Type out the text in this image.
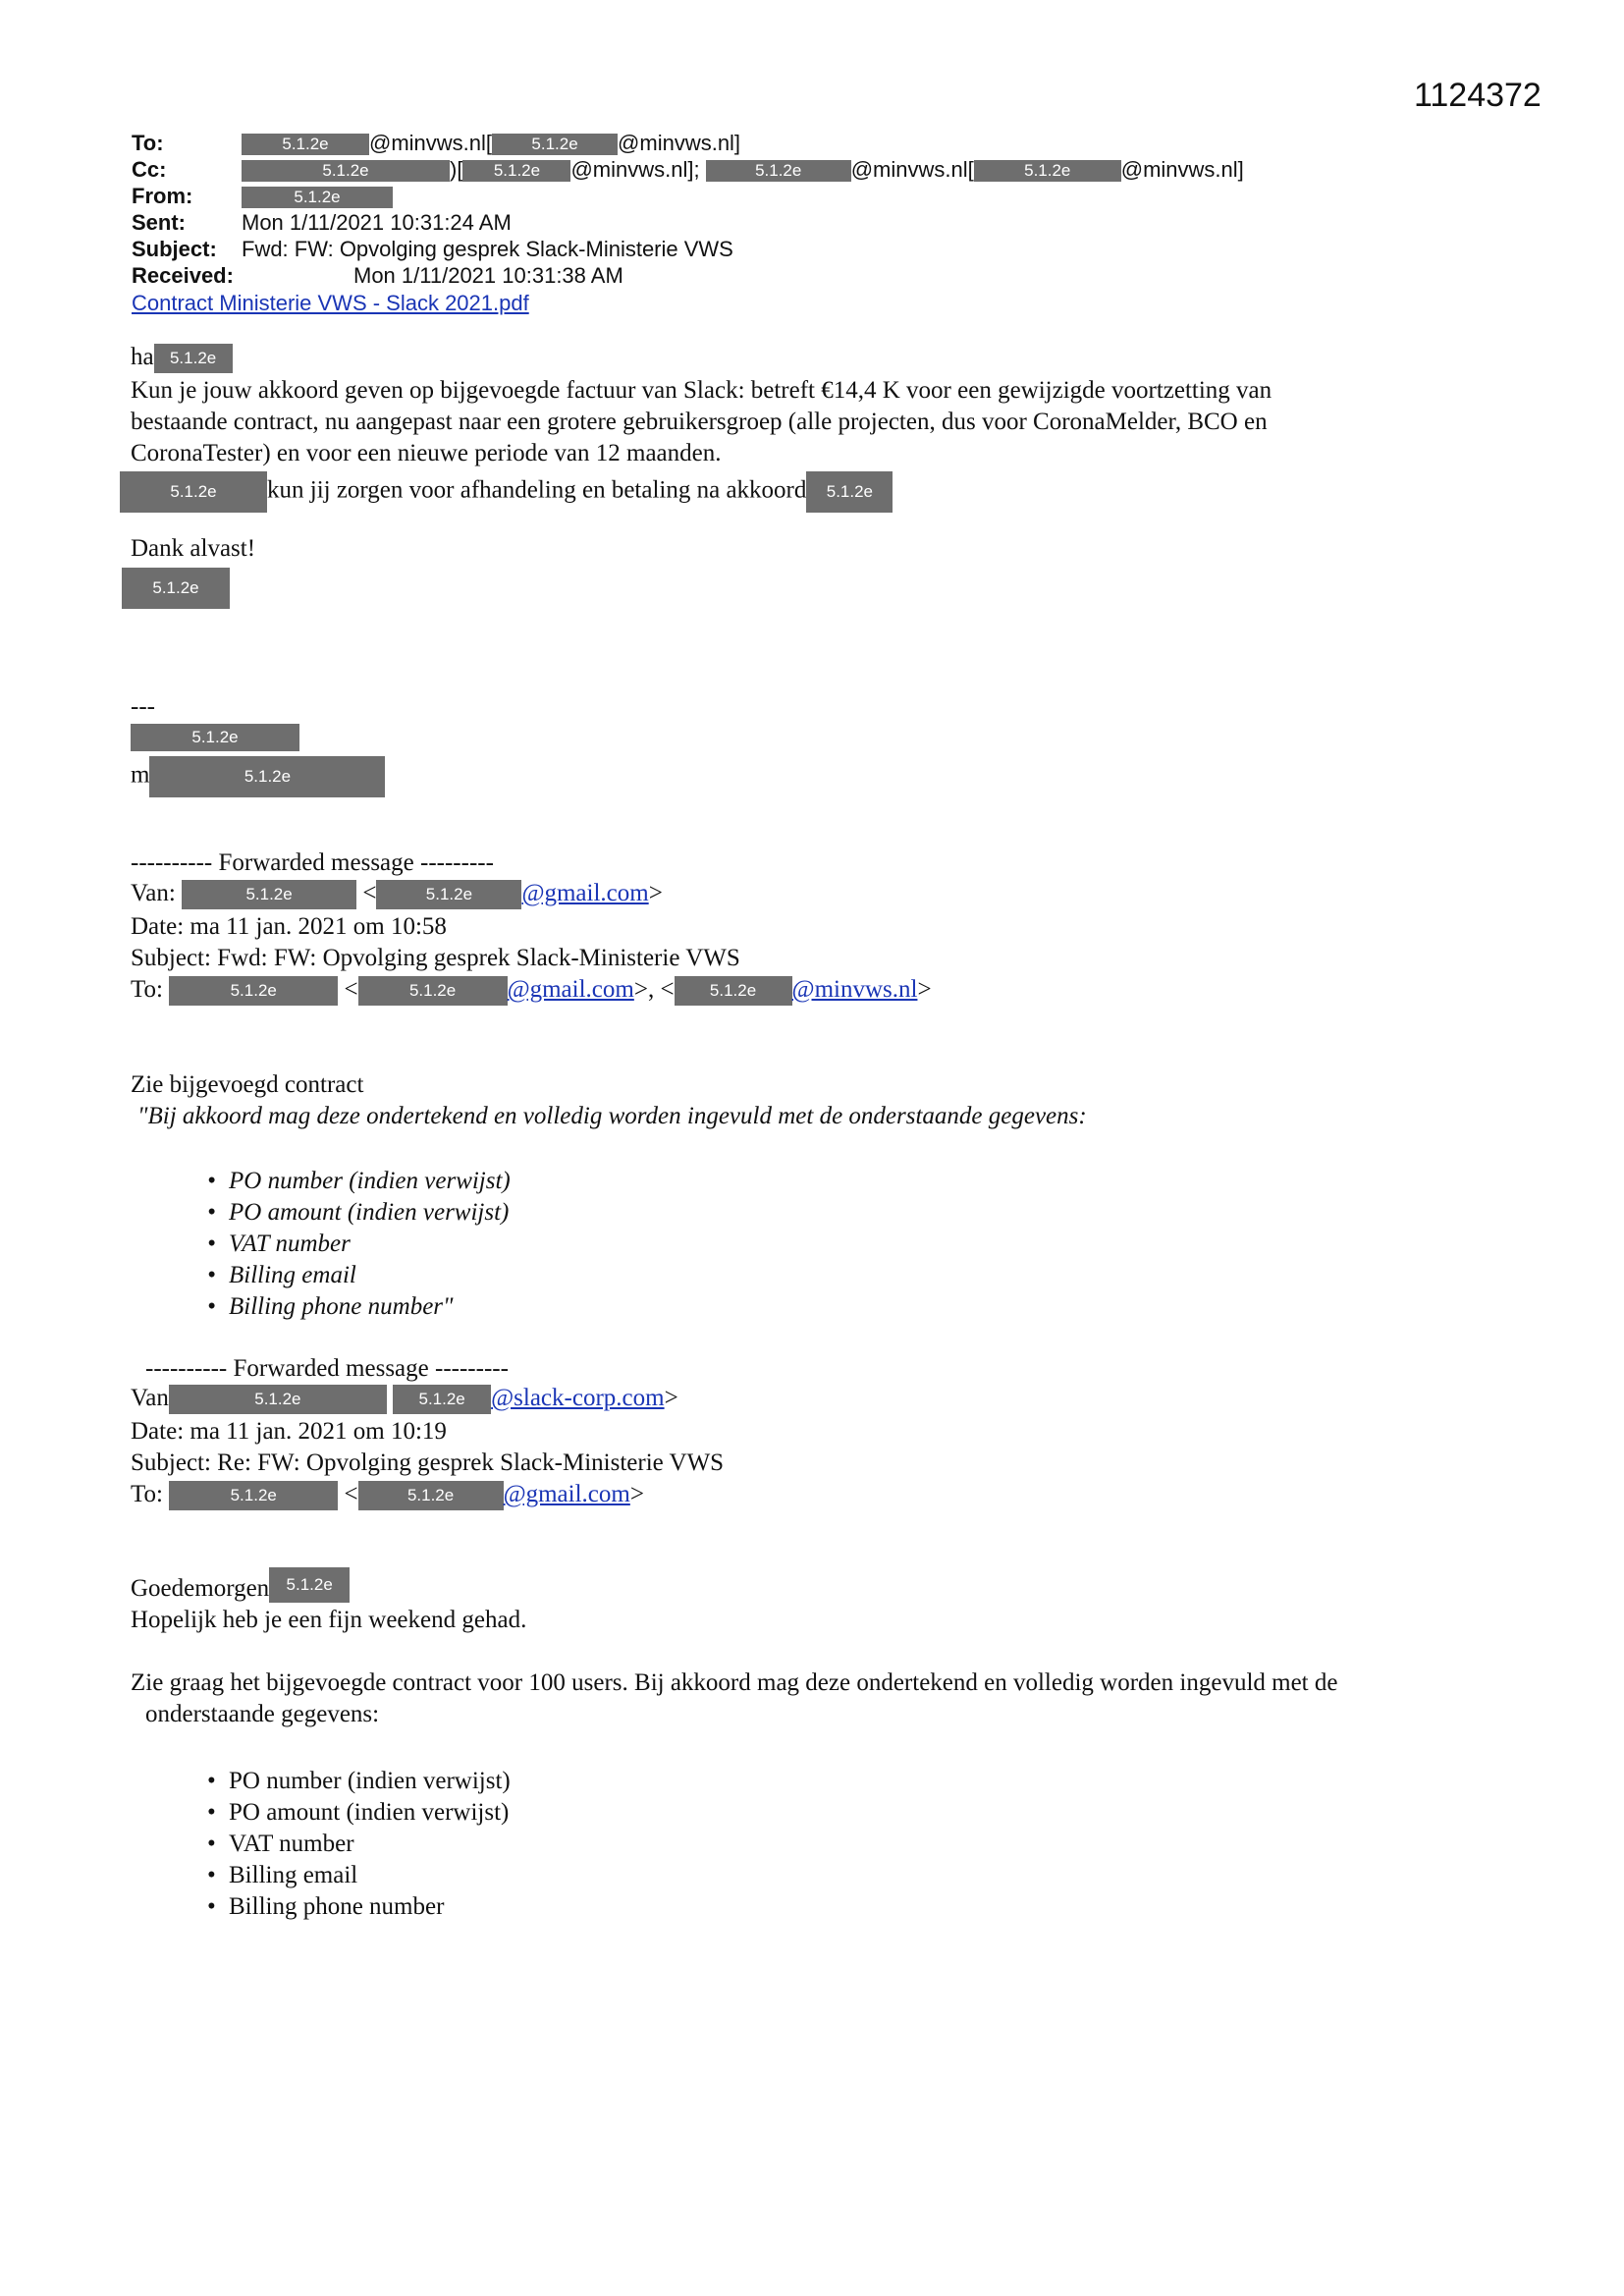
1124372
To:	5.1.2e @minvws.nl[ 5.1.2e @minvws.nl]
Cc:	5.1.2e	)[ 5.1.2e @minvws.nl];	5.1.2e @minvws.nl[	5.1.2e @minvws.nl]
From:	5.1.2e
Sent:	Mon 1/11/2021 10:31:24 AM
Subject: Fwd: FW: Opvolging gesprek Slack-Ministerie VWS
Received:	Mon 1/11/2021 10:31:38 AM
Contract Ministerie VWS - Slack 2021.pdf
ha 5.1.2e
Kun je jouw akkoord geven op bijgevoegde factuur van Slack: betreft €14,4 K voor een gewijzigde voortzetting van
bestaande contract, nu aangepast naar een grotere gebruikersgroep (alle projecten, dus voor CoronaMelder, BCO en
CoronaTester) en voor een nieuwe periode van 12 maanden.
5.1.2e kun jij zorgen voor afhandeling en betaling na akkoord 5.1.2e
Dank alvast!
5.1.2e
---
5.1.2e
m	5.1.2e
---------- Forwarded message ---------
Van:	5.1.2e	<	5.1.2e @gmail.com>
Date: ma 11 jan. 2021 om 10:58
Subject: Fwd: FW: Opvolging gesprek Slack-Ministerie VWS
To:	5.1.2e	<	5.1.2e @gmail.com>, < 5.1.2e @minvws.nl>
Zie bijgevoegd contract
"Bij akkoord mag deze ondertekend en volledig worden ingevuld met de onderstaande gegevens:
• PO number (indien verwijst)
• PO amount (indien verwijst)
• VAT number
• Billing email
• Billing phone number"
---------- Forwarded message ---------
Van	5.1.2e	5.1.2e @slack-corp.com>
Date: ma 11 jan. 2021 om 10:19
Subject: Re: FW: Opvolging gesprek Slack-Ministerie VWS
To:	5.1.2e	<	5.1.2e @gmail.com>
Goedemorgen 5.1.2e
Hopelijk heb je een fijn weekend gehad.
Zie graag het bijgevoegde contract voor 100 users. Bij akkoord mag deze ondertekend en volledig worden ingevuld met de
onderstaande gegevens:
• PO number (indien verwijst)
• PO amount (indien verwijst)
• VAT number
• Billing email
• Billing phone number
